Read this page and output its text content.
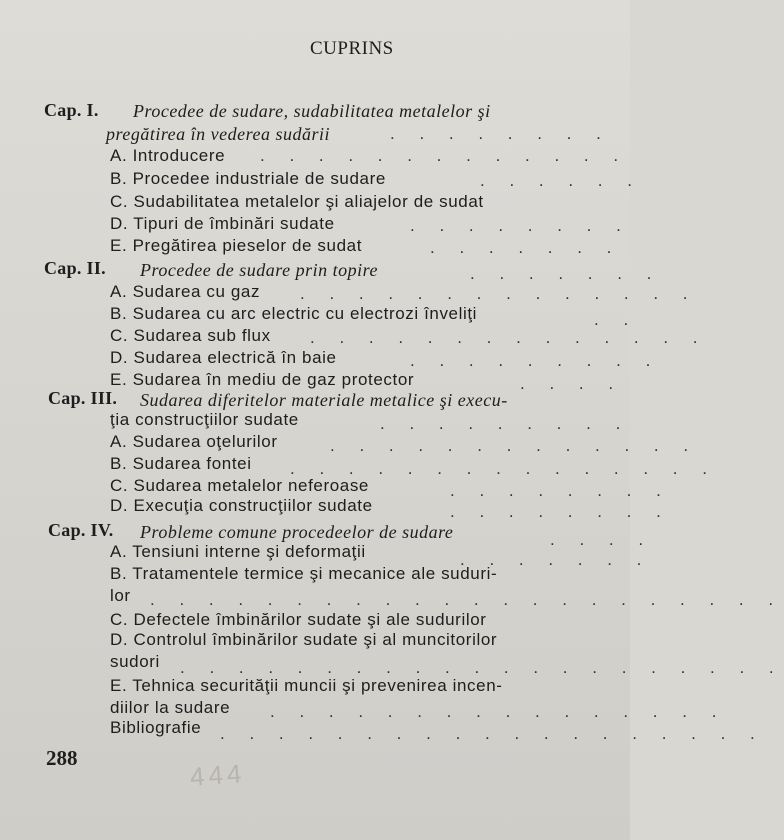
CUPRINS
Cap. I. Procedee de sudare, sudabilitatea metalelor şi
pregătirea în vederea sudării	. . . . . . . .
A. Introducere . . . . . . . . . . . . .
B. Procedee industriale de sudare	. . . . . .
C. Sudabilitatea metalelor şi aliajelor de sudat
D. Tipuri de îmbinări sudate	. . . . . . . .
E. Pregătirea pieselor de sudat	. . . . . . .
Cap. II. Procedee de sudare prin topire	. . . . . . .
A. Sudarea cu gaz . . . . . . . . . . . . . .
B. Sudarea cu arc electric cu electrozi înveliţi	. .
C. Sudarea sub flux . . . . . . . . . . . . . .
D. Sudarea electrică în baie	. . . . . . . . .
E. Sudarea în mediu de gaz protector	. . . .
Cap. III. Sudarea diferitelor materiale metalice şi execu-
ţia construcţiilor sudate	. . . . . . . . .
A. Sudarea oţelurilor	. . . . . . . . . . . . .
B. Sudarea fontei . . . . . . . . . . . . . . .
C. Sudarea metalelor neferoase	. . . . . . . .
D. Execuţia construcţiilor sudate	. . . . . . . .
Cap. IV. Probleme comune procedeelor de sudare	. . . .
A. Tensiuni interne şi deformaţii	. . . . . . .
B. Tratamentele termice şi mecanice ale suduri-
lor . . . . . . . . . . . . . . . . . . . . . .
C. Defectele îmbinărilor sudate şi ale sudurilor
D. Controlul îmbinărilor sudate şi al muncitorilor
sudori . . . . . . . . . . . . . . . . . . . . .
E. Tehnica securităţii muncii şi prevenirea incen-
diilor la sudare . . . . . . . . . . . . . . . .
Bibliografie . . . . . . . . . . . . . . . . . . .
288
444
